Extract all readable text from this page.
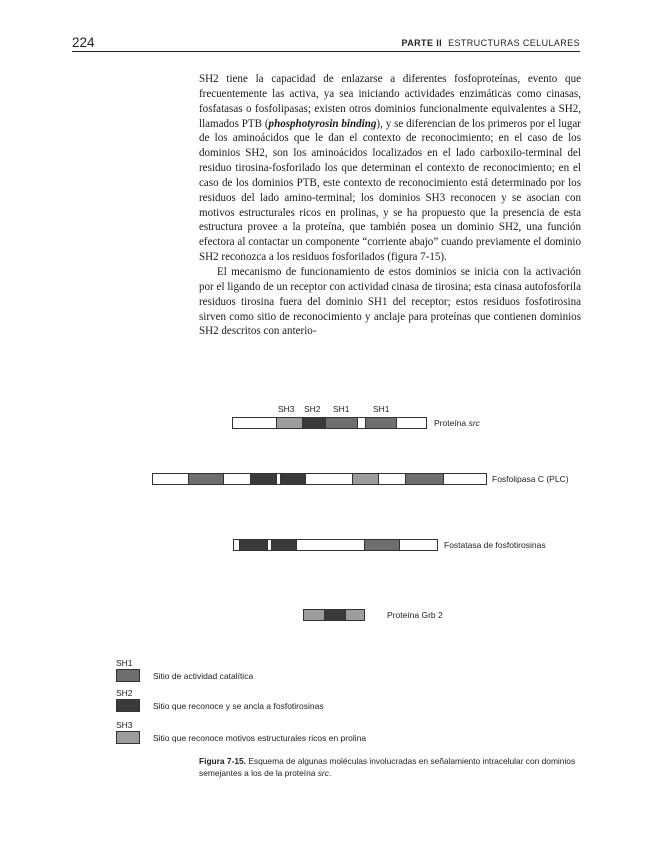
224	PARTE II ESTRUCTURAS CELULARES

SH2 tiene la capacidad de enlazarse a diferentes fosfoproteínas, evento que frecuentemente las activa, ya sea iniciando actividades enzimáticas como cinasas, fosfatasas o fosfolipasas; existen otros dominios funcionalmente equivalentes a SH2, llamados PTB (phosphotyrosin binding), y se diferencian de los primeros por el lugar de los aminoácidos que le dan el contexto de reconocimiento; en el caso de los dominios SH2, son los aminoácidos localizados en el lado carboxilo-terminal del residuo tirosina-fosforilado los que determinan el contexto de reconocimiento; en el caso de los dominios PTB, este contexto de reconocimiento está determinado por los residuos del lado amino-terminal; los dominios SH3 reconocen y se asocian con motivos estructurales ricos en prolinas, y se ha propuesto que la presencia de esta estructura provee a la proteína, que también posea un dominio SH2, una función efectora al contactar un componente “corriente abajo” cuando previamente el dominio SH2 reconozca a los residuos fosforilados (figura 7-15).

El mecanismo de funcionamiento de estos dominios se inicia con la activación por el ligando de un receptor con actividad cinasa de tirosina; esta cinasa autofosforila residuos tirosina fuera del dominio SH1 del receptor; estos residuos fosfotirosina sirven como sitio de reconocimiento y anclaje para proteínas que contienen dominios SH2 descritos con anterio-

SH3 SH2 SH1	SH1
Proteína src
Fosfolipasa C (PLC)
Fostatasa de fosfotirosinas
Proteína Grb 2
SH1
Sitio de actividad catalítica
SH2
Sitio que reconoce y se ancla a fosfotirosinas
SH3
Sitio que reconoce motivos estructurales ricos en prolina
Figura 7-15. Esquema de algunas moléculas involucradas en señalamiento intracelular con dominios semejantes a los de la proteína src.
